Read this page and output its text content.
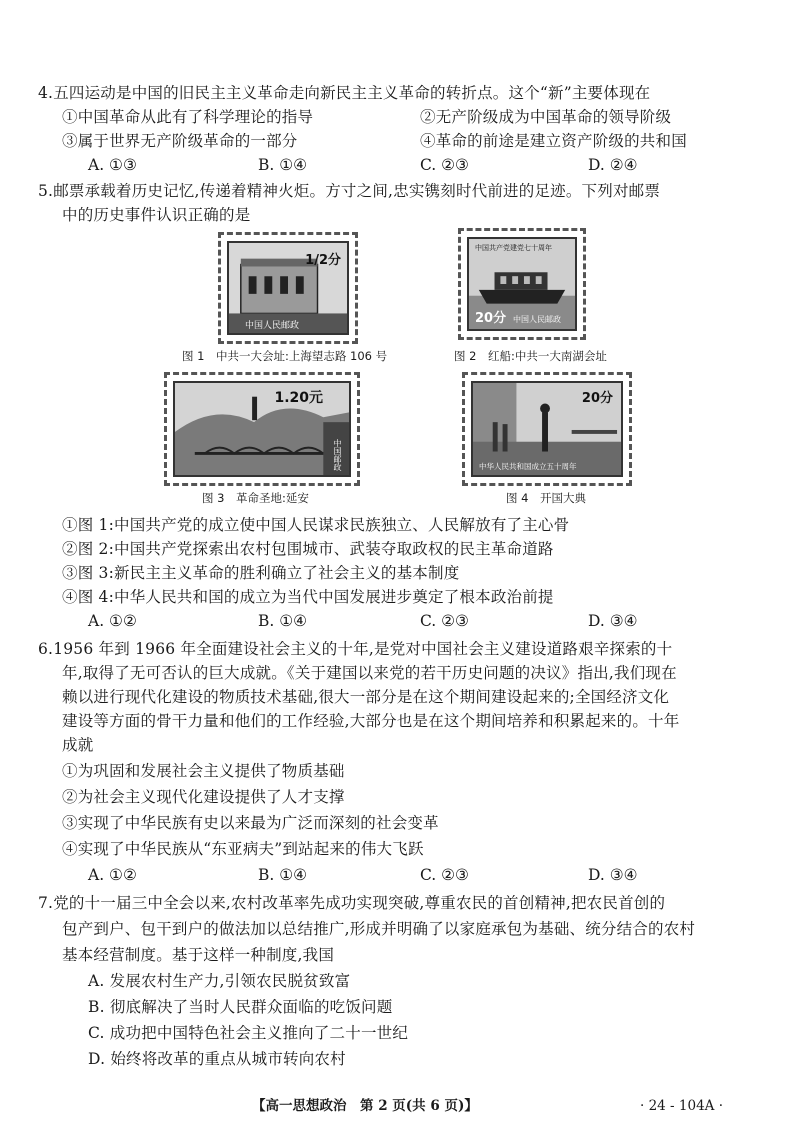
4.五四运动是中国的旧民主主义革命走向新民主主义革命的转折点。这个“新”主要体现在
①中国革命从此有了科学理论的指导	②无产阶级成为中国革命的领导阶级
③属于世界无产阶级革命的一部分	④革命的前途是建立资产阶级的共和国
A. ①③	B. ①④	C. ②③	D. ②④
5.邮票承载着历史记忆,传递着精神火炬。方寸之间,忠实镌刻时代前进的足迹。下列对邮票
中的历史事件认识正确的是
1/2分
中国人民邮政
图 1　中共一大会址:上海望志路 106 号
中国共产党建党七十周年
20分 中国人民邮政
图 2　红船:中共一大南湖会址
1.20元
中国邮政
图 3　革命圣地:延安
20分
中华人民共和国成立五十周年
图 4　开国大典
①图 1:中国共产党的成立使中国人民谋求民族独立、人民解放有了主心骨
②图 2:中国共产党探索出农村包围城市、武装夺取政权的民主革命道路
③图 3:新民主主义革命的胜利确立了社会主义的基本制度
④图 4:中华人民共和国的成立为当代中国发展进步奠定了根本政治前提
A. ①②	B. ①④	C. ②③	D. ③④
6.1956 年到 1966 年全面建设社会主义的十年,是党对中国社会主义建设道路艰辛探索的十
年,取得了无可否认的巨大成就。《关于建国以来党的若干历史问题的决议》指出,我们现在
赖以进行现代化建设的物质技术基础,很大一部分是在这个期间建设起来的;全国经济文化
建设等方面的骨干力量和他们的工作经验,大部分也是在这个期间培养和积累起来的。十年
成就
①为巩固和发展社会主义提供了物质基础
②为社会主义现代化建设提供了人才支撑
③实现了中华民族有史以来最为广泛而深刻的社会变革
④实现了中华民族从“东亚病夫”到站起来的伟大飞跃
A. ①②	B. ①④	C. ②③	D. ③④
7.党的十一届三中全会以来,农村改革率先成功实现突破,尊重农民的首创精神,把农民首创的
包产到户、包干到户的做法加以总结推广,形成并明确了以家庭承包为基础、统分结合的农村
基本经营制度。基于这样一种制度,我国
A. 发展农村生产力,引领农民脱贫致富
B. 彻底解决了当时人民群众面临的吃饭问题
C. 成功把中国特色社会主义推向了二十一世纪
D. 始终将改革的重点从城市转向农村
【高一思想政治　第 2 页(共 6 页)】	· 24 - 104A ·
